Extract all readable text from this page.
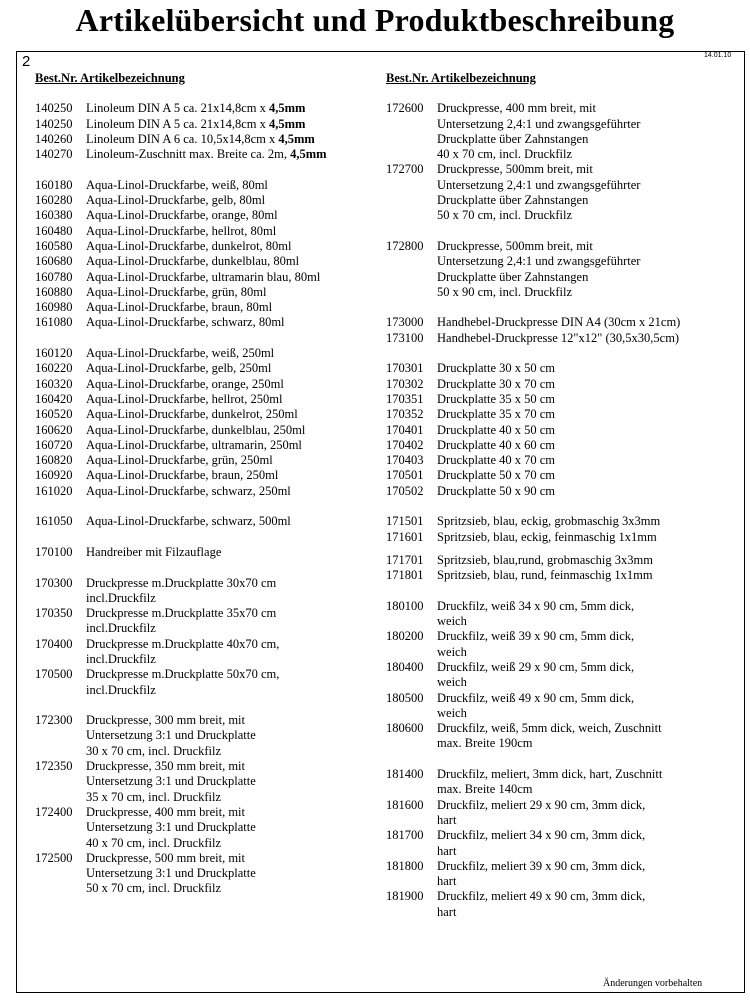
Artikelübersicht und Produktbeschreibung
2	14.01.10
Best.Nr. Artikelbezeichnung
140250	Linoleum DIN A 5 ca. 21x14,8cm x 4,5mm
140250	Linoleum DIN A 5 ca. 21x14,8cm x 4,5mm
140260	Linoleum DIN A 6 ca. 10,5x14,8cm x 4,5mm
140270	Linoleum-Zuschnitt max. Breite ca. 2m, 4,5mm
160180	Aqua-Linol-Druckfarbe, weiß, 80ml
160280	Aqua-Linol-Druckfarbe, gelb, 80ml
160380	Aqua-Linol-Druckfarbe, orange, 80ml
160480	Aqua-Linol-Druckfarbe, hellrot, 80ml
160580	Aqua-Linol-Druckfarbe, dunkelrot, 80ml
160680	Aqua-Linol-Druckfarbe, dunkelblau, 80ml
160780	Aqua-Linol-Druckfarbe, ultramarin blau, 80ml
160880	Aqua-Linol-Druckfarbe, grün, 80ml
160980	Aqua-Linol-Druckfarbe, braun, 80ml
161080	Aqua-Linol-Druckfarbe, schwarz, 80ml
160120	Aqua-Linol-Druckfarbe, weiß, 250ml
160220	Aqua-Linol-Druckfarbe, gelb, 250ml
160320	Aqua-Linol-Druckfarbe, orange, 250ml
160420	Aqua-Linol-Druckfarbe, hellrot, 250ml
160520	Aqua-Linol-Druckfarbe, dunkelrot, 250ml
160620	Aqua-Linol-Druckfarbe, dunkelblau, 250ml
160720	Aqua-Linol-Druckfarbe, ultramarin, 250ml
160820	Aqua-Linol-Druckfarbe, grün, 250ml
160920	Aqua-Linol-Druckfarbe, braun, 250ml
161020	Aqua-Linol-Druckfarbe, schwarz, 250ml
161050	Aqua-Linol-Druckfarbe, schwarz, 500ml
170100	Handreiber mit Filzauflage
170300	Druckpresse m.Druckplatte 30x70 cm
incl.Druckfilz
170350	Druckpresse m.Druckplatte 35x70 cm
incl.Druckfilz
170400	Druckpresse m.Druckplatte 40x70 cm,
incl.Druckfilz
170500	Druckpresse m.Druckplatte 50x70 cm,
incl.Druckfilz
172300	Druckpresse, 300 mm breit, mit
Untersetzung 3:1 und Druckplatte
30 x 70 cm, incl. Druckfilz
172350	Druckpresse, 350 mm breit, mit
Untersetzung 3:1 und Druckplatte
35 x 70 cm, incl. Druckfilz
172400	Druckpresse, 400 mm breit, mit
Untersetzung 3:1 und Druckplatte
40 x 70 cm, incl. Druckfilz
172500	Druckpresse, 500 mm breit, mit
Untersetzung 3:1 und Druckplatte
50 x 70 cm, incl. Druckfilz
Best.Nr. Artikelbezeichnung
172600	Druckpresse, 400 mm breit, mit
Untersetzung 2,4:1 und zwangsgeführter
Druckplatte über Zahnstangen
40 x 70 cm, incl. Druckfilz
172700	Druckpresse, 500mm breit, mit
Untersetzung 2,4:1 und zwangsgeführter
Druckplatte über Zahnstangen
50 x 70 cm, incl. Druckfilz
172800	Druckpresse, 500mm breit, mit
Untersetzung 2,4:1 und zwangsgeführter
Druckplatte über Zahnstangen
50 x 90 cm, incl. Druckfilz
173000	Handhebel-Druckpresse DIN A4 (30cm x 21cm)
173100	Handhebel-Druckpresse 12"x12" (30,5x30,5cm)
170301	Druckplatte 30 x 50 cm
170302	Druckplatte 30 x 70 cm
170351	Druckplatte 35 x 50 cm
170352	Druckplatte 35 x 70 cm
170401	Druckplatte 40 x 50 cm
170402	Druckplatte 40 x 60 cm
170403	Druckplatte 40 x 70 cm
170501	Druckplatte 50 x 70 cm
170502	Druckplatte 50 x 90 cm
171501	Spritzsieb, blau, eckig, grobmaschig 3x3mm
171601	Spritzsieb, blau, eckig, feinmaschig 1x1mm
171701	Spritzsieb, blau,rund, grobmaschig 3x3mm
171801	Spritzsieb, blau, rund, feinmaschig 1x1mm
180100	Druckfilz, weiß 34 x 90 cm, 5mm dick,
weich
180200	Druckfilz, weiß 39 x 90 cm, 5mm dick,
weich
180400	Druckfilz, weiß 29 x 90 cm, 5mm dick,
weich
180500	Druckfilz, weiß 49 x 90 cm, 5mm dick,
weich
180600	Druckfilz, weiß, 5mm dick, weich, Zuschnitt
max. Breite 190cm
181400	Druckfilz, meliert, 3mm dick, hart, Zuschnitt
max. Breite 140cm
181600	Druckfilz, meliert 29 x 90 cm, 3mm dick,
hart
181700	Druckfilz, meliert 34 x 90 cm, 3mm dick,
hart
181800	Druckfilz, meliert 39 x 90 cm, 3mm dick,
hart
181900	Druckfilz, meliert 49 x 90 cm, 3mm dick,
hart
Änderungen vorbehalten
